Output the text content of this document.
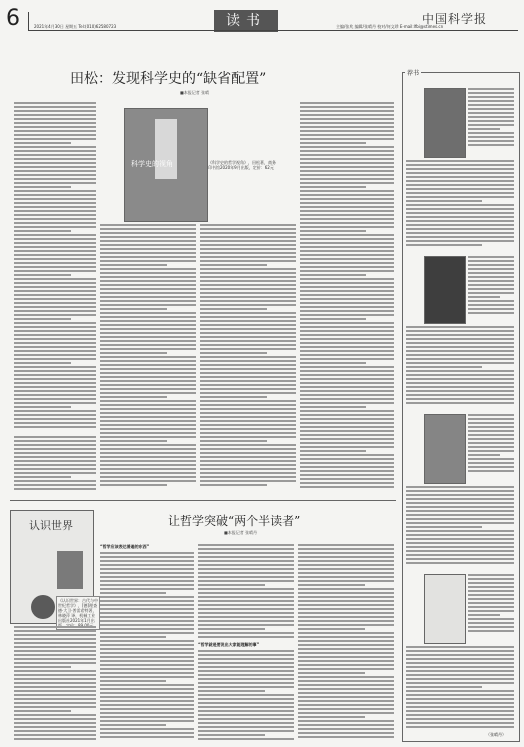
6	2021年4月30日 星期五 Tel:(010)62580723	读书	中国科学报
主编/张兆 编辑/张晴丹 校对/何文珍 E-mail:lfbi@stimes.cn
田松：发现科学史的“缺省配置”
■本报记者 张晴
科学史的视角	《科学史的哲学视角》，田松著，商务印书馆2020年9月出版，定价：62元
让哲学突破“两个半读者”
■本报记者 张晴丹
认识世界
《认识世界：古代与中世纪哲学》，[德]理查德·大卫·普雷希特著，林晓萍 译，机械工业出版社2021年1月出
“哲学应该表达普遍的东西”
“哲学就是要说出大家能理解的事”
荐书
（张晴丹）
